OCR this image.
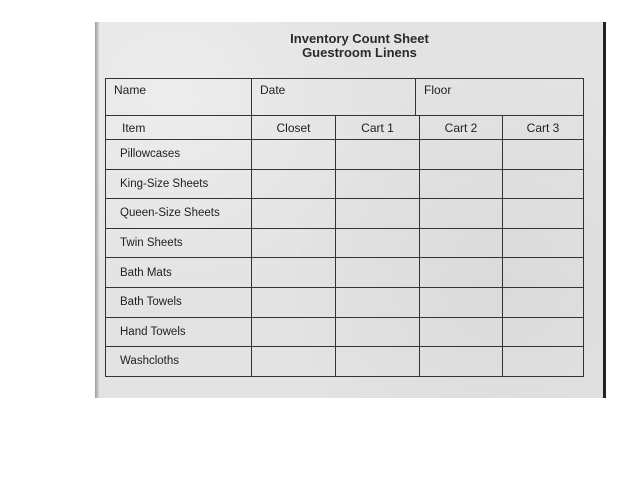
Inventory Count Sheet
Guestroom Linens
Name	Date	Floor
Item	Closet	Cart 1	Cart 2	Cart 3
Pillowcases				
King-Size Sheets				
Queen-Size Sheets				
Twin Sheets				
Bath Mats				
Bath Towels				
Hand Towels				
Washcloths				
